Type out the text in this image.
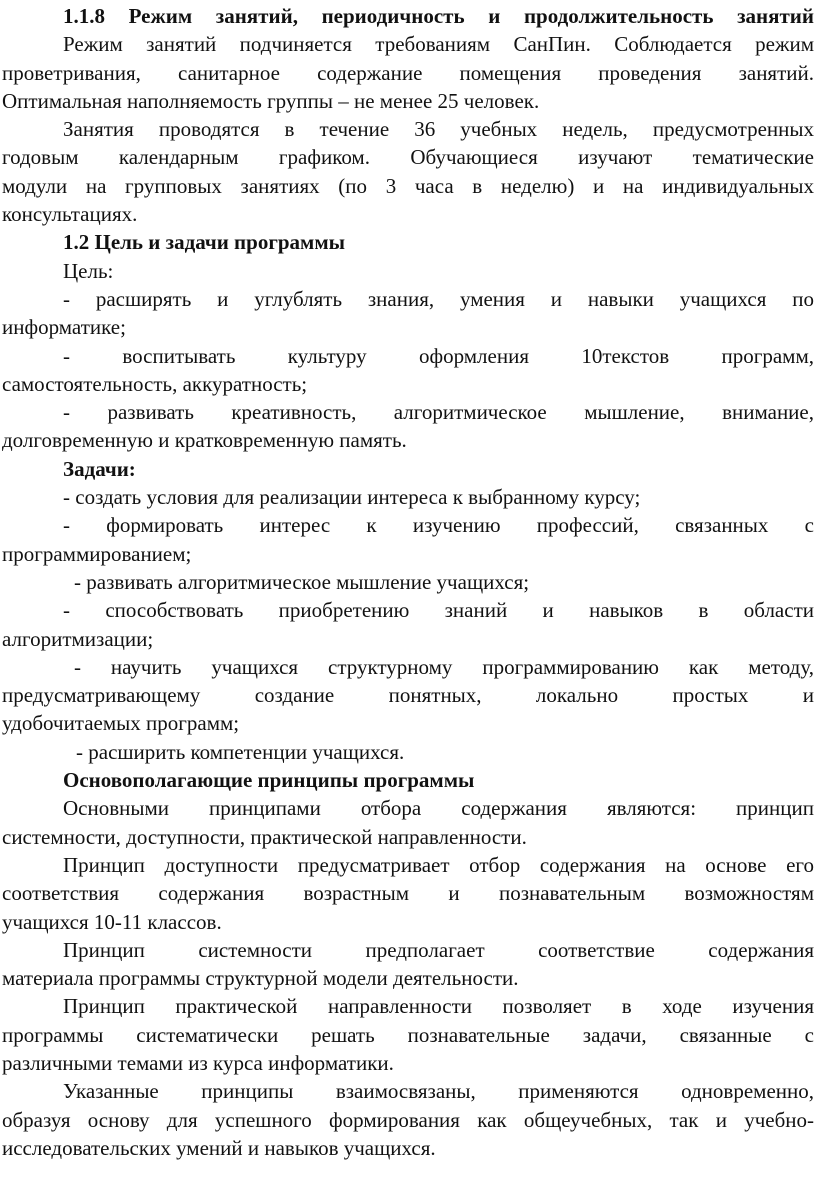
1.1.8 Режим занятий, периодичность и продолжительность занятий
Режим занятий подчиняется требованиям СанПин. Соблюдается режим
проветривания, санитарное содержание помещения проведения занятий.
Оптимальная наполняемость группы – не менее 25 человек.
Занятия проводятся в течение 36 учебных недель, предусмотренных
годовым календарным графиком. Обучающиеся изучают тематические
модули на групповых занятиях (по 3 часа в неделю) и на индивидуальных
консультациях.
1.2 Цель и задачи программы
Цель:
- расширять и углублять знания, умения и навыки учащихся по
информатике;
- воспитывать культуру оформления 10текстов программ,
самостоятельность, аккуратность;
- развивать креативность, алгоритмическое мышление, внимание,
долговременную и кратковременную память.
Задачи:
- создать условия для реализации интереса к выбранному курсу;
- формировать интерес к изучению профессий, связанных с
программированием;
- развивать алгоритмическое мышление учащихся;
- способствовать приобретению знаний и навыков в области
алгоритмизации;
- научить учащихся структурному программированию как методу,
предусматривающему создание понятных, локально простых и
удобочитаемых программ;
- расширить компетенции учащихся.
Основополагающие принципы программы
Основными принципами отбора содержания являются: принцип
системности, доступности, практической направленности.
Принцип доступности предусматривает отбор содержания на основе его
соответствия содержания возрастным и познавательным возможностям
учащихся 10-11 классов.
Принцип системности предполагает соответствие содержания
материала программы структурной модели деятельности.
Принцип практической направленности позволяет в ходе изучения
программы систематически решать познавательные задачи, связанные с
различными темами из курса информатики.
Указанные принципы взаимосвязаны, применяются одновременно,
образуя основу для успешного формирования как общеучебных, так и учебно-
исследовательских умений и навыков учащихся.
